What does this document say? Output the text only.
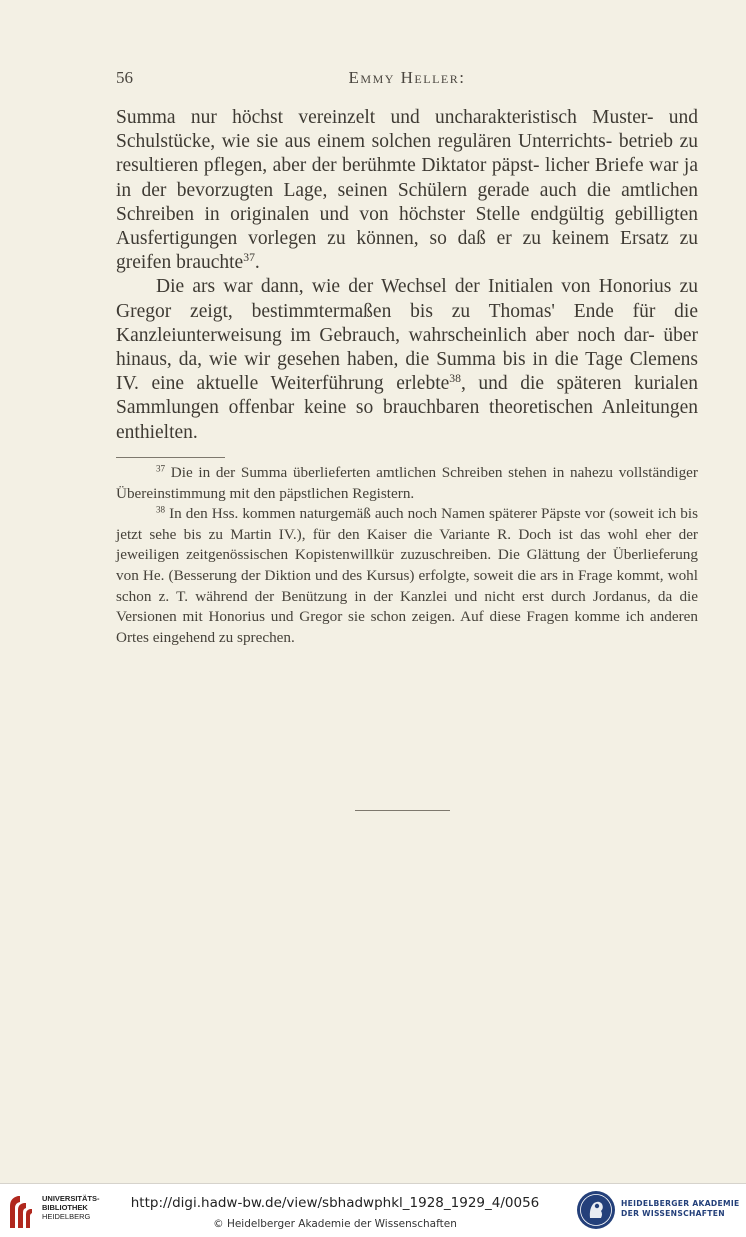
56	Emmy Heller:

Summa nur höchst vereinzelt und uncharakteristisch Muster- und Schulstücke, wie sie aus einem solchen regulären Unterrichts- betrieb zu resultieren pflegen, aber der berühmte Diktator päpst- licher Briefe war ja in der bevorzugten Lage, seinen Schülern gerade auch die amtlichen Schreiben in originalen und von höchster Stelle endgültig gebilligten Ausfertigungen vorlegen zu können, so daß er zu keinem Ersatz zu greifen brauchte$^{37}$.

Die ars war dann, wie der Wechsel der Initialen von Honorius zu Gregor zeigt, bestimmtermaßen bis zu Thomas' Ende für die Kanzleiunterweisung im Gebrauch, wahrscheinlich aber noch dar- über hinaus, da, wie wir gesehen haben, die Summa bis in die Tage Clemens IV. eine aktuelle Weiterführung erlebte$^{38}$, und die späteren kurialen Sammlungen offenbar keine so brauchbaren theoretischen Anleitungen enthielten.

$^{37}$ Die in der Summa überlieferten amtlichen Schreiben stehen in nahezu vollständiger Übereinstimmung mit den päpstlichen Registern.

$^{38}$ In den Hss. kommen naturgemäß auch noch Namen späterer Päpste vor (soweit ich bis jetzt sehe bis zu Martin IV.), für den Kaiser die Variante R. Doch ist das wohl eher der jeweiligen zeitgenössischen Kopistenwillkür zuzuschreiben. Die Glättung der Überlieferung von He. (Besserung der Diktion und des Kursus) erfolgte, soweit die ars in Frage kommt, wohl schon z. T. während der Benützung in der Kanzlei und nicht erst durch Jordanus, da die Versionen mit Honorius und Gregor sie schon zeigen. Auf diese Fragen komme ich anderen Ortes eingehend zu sprechen.

UNIVERSITÄTS-
BIBLIOTHEK
HEIDELBERG
http://digi.hadw-bw.de/view/sbhadwphkl_1928_1929_4/0056
© Heidelberger Akademie der Wissenschaften
HEIDELBERGER AKADEMIE
DER WISSENSCHAFTEN
